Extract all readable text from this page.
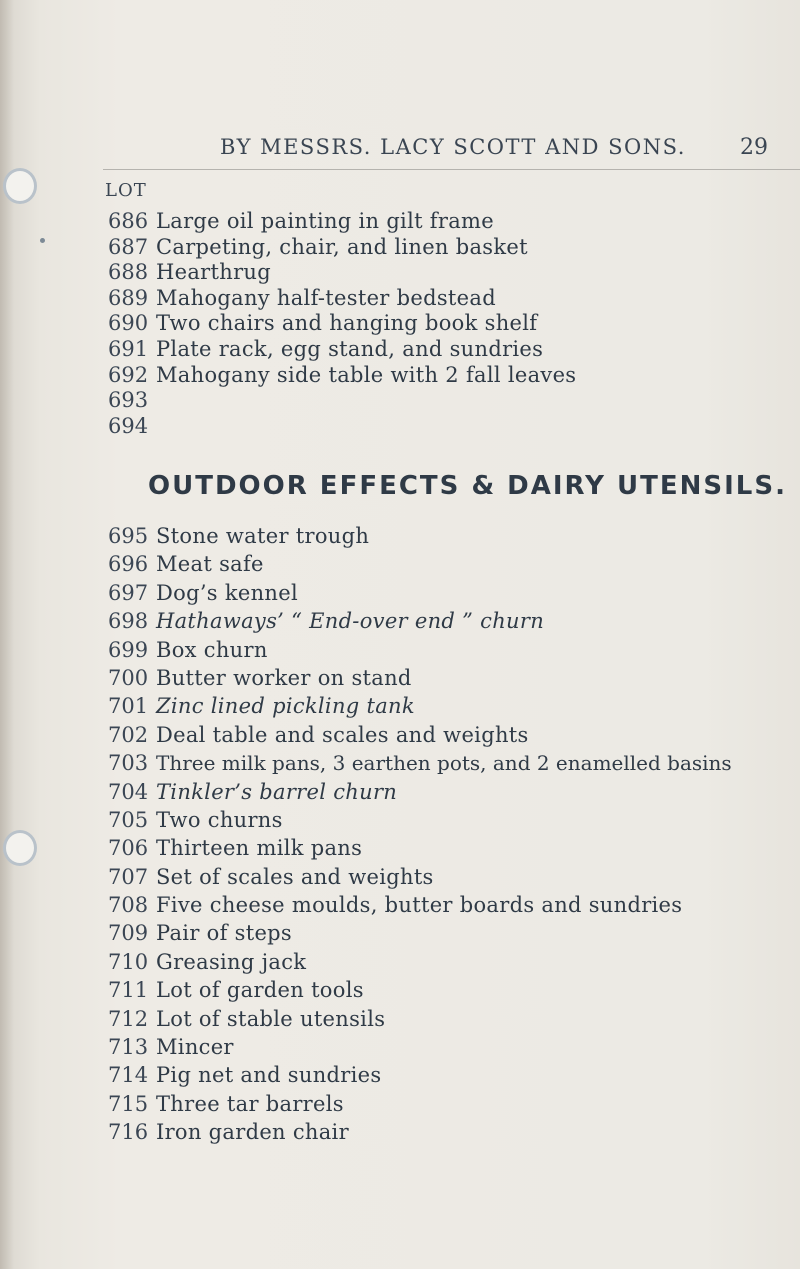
BY MESSRS. LACY SCOTT AND SONS. 29
LOT
686 Large oil painting in gilt frame
687 Carpeting, chair, and linen basket
688 Hearthrug
689 Mahogany half-tester bedstead
690 Two chairs and hanging book shelf
691 Plate rack, egg stand, and sundries
692 Mahogany side table with 2 fall leaves
693
694
OUTDOOR EFFECTS & DAIRY UTENSILS.
695 Stone water trough
696 Meat safe
697 Dog’s kennel
698 Hathaways’ “ End-over end ” churn
699 Box churn
700 Butter worker on stand
701 Zinc lined pickling tank
702 Deal table and scales and weights
703 Three milk pans, 3 earthen pots, and 2 enamelled basins
704 Tinkler’s barrel churn
705 Two churns
706 Thirteen milk pans
707 Set of scales and weights
708 Five cheese moulds, butter boards and sundries
709 Pair of steps
710 Greasing jack
711 Lot of garden tools
712 Lot of stable utensils
713 Mincer
714 Pig net and sundries
715 Three tar barrels
716 Iron garden chair
